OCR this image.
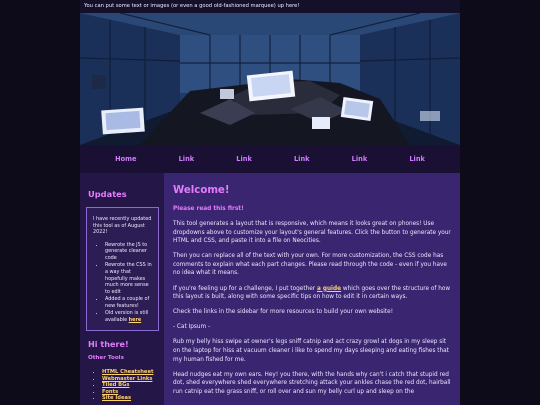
You can put some text or images (or even a good old-fashioned marquee) up here!
Home	Link	Link	Link	Link	Link
Updates
I have recently updated this tool as of August 2022!
• Rewrote the JS to generate cleaner code
• Rewrote the CSS in a way that hopefully makes much more sense to edit
• Added a couple of new features!
• Old version is still available here
Hi there!
Other Tools
• HTML Cheatsheet
• Webmaster Links
• Tiled BGs
• Fonts
• Site Ideas
Welcome!
Please read this first!

This tool generates a layout that is responsive, which means it looks great on phones! Use dropdowns above to customize your layout's general features. Click the button to generate your HTML and CSS, and paste it into a file on Neocities.

Then you can replace all of the text with your own. For more customization, the CSS code has comments to explain what each part changes. Please read through the code - even if you have no idea what it means.

If you're feeling up for a challenge, I put together a guide which goes over the structure of how this layout is built, along with some specific tips on how to edit it in certain ways.

Check the links in the sidebar for more resources to build your own website!

- Cat Ipsum -

Rub my belly hiss swipe at owner's legs sniff catnip and act crazy growl at dogs in my sleep sit on the laptop for hiss at vacuum cleaner i like to spend my days sleeping and eating fishes that my human fished for me.

Head nudges eat my own ears. Hey! you there, with the hands why can't i catch that stupid red dot, shed everywhere shed everywhere stretching attack your ankles chase the red dot, hairball run catnip eat the grass sniff, or roll over and sun my belly curl up and sleep on the
